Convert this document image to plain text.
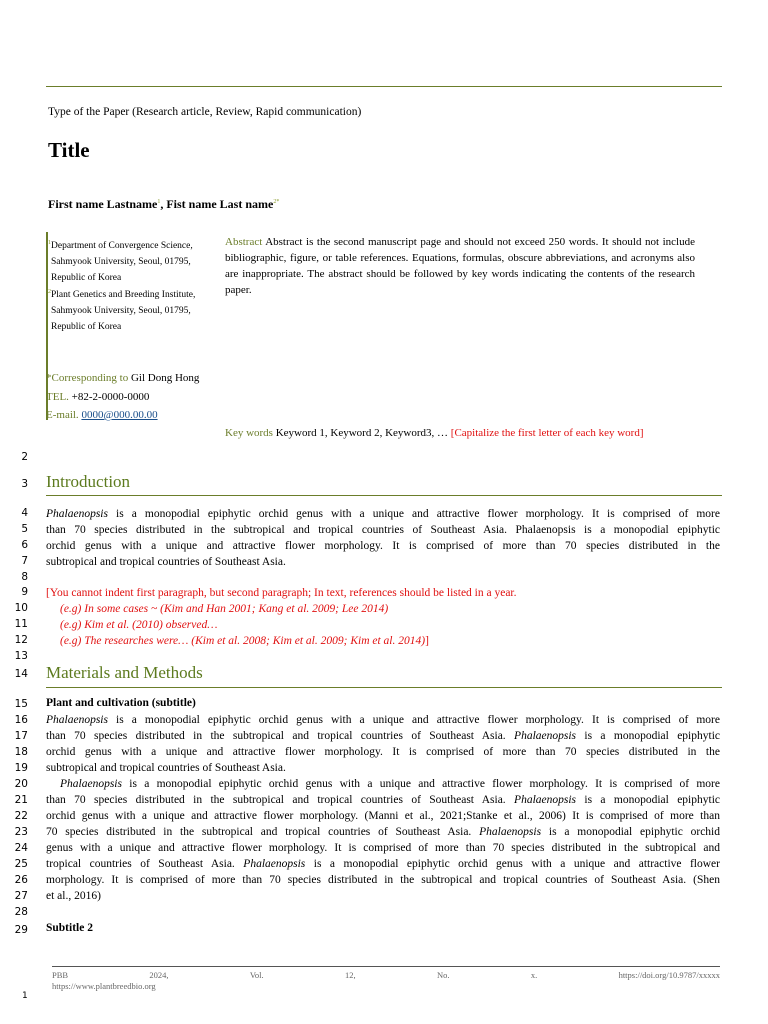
Type of the Paper (Research article, Review, Rapid communication)
Title
First name Lastname$^1$, Fist name Last name$^{2*}$
$^1$Department of Convergence Science,
Sahmyook University, Seoul, 01795,
Republic of Korea
$^2$Plant Genetics and Breeding Institute,
Sahmyook University, Seoul, 01795,
Republic of Korea
*Corresponding to Gil Dong Hong
TEL. +82-2-0000-0000
E-mail. 0000@000.00.00
Abstract Abstract is the second manuscript page and should not exceed 250 words. It should not include bibliographic, figure, or table references. Equations, formulas, obscure abbreviations, and acronyms also are inappropriate. The abstract should be followed by key words indicating the contents of the research paper.
Key words Keyword 1, Keyword 2, Keyword3, … [Capitalize the first letter of each key word]
2
3
4
5
6
7
8
9
10
11
12
13
14
15
16
17
18
19
20
21
22
23
24
25
26
27
28
29
Introduction
Phalaenopsis is a monopodial epiphytic orchid genus with a unique and attractive flower morphology. It is comprised of more
than 70 species distributed in the subtropical and tropical countries of Southeast Asia. Phalaenopsis is a monopodial epiphytic
orchid genus with a unique and attractive flower morphology. It is comprised of more than 70 species distributed in the
subtropical and tropical countries of Southeast Asia.
[You cannot indent first paragraph, but second paragraph; In text, references should be listed in a year.
(e.g) In some cases ~ (Kim and Han 2001; Kang et al. 2009; Lee 2014)
(e.g) Kim et al. (2010) observed…
(e.g) The researches were… (Kim et al. 2008; Kim et al. 2009; Kim et al. 2014)]
Materials and Methods
Plant and cultivation (subtitle)
Phalaenopsis is a monopodial epiphytic orchid genus with a unique and attractive flower morphology. It is comprised of more
than 70 species distributed in the subtropical and tropical countries of Southeast Asia. Phalaenopsis is a monopodial epiphytic
orchid genus with a unique and attractive flower morphology. It is comprised of more than 70 species distributed in the
subtropical and tropical countries of Southeast Asia.
Phalaenopsis is a monopodial epiphytic orchid genus with a unique and attractive flower morphology. It is comprised of more
than 70 species distributed in the subtropical and tropical countries of Southeast Asia. Phalaenopsis is a monopodial epiphytic
orchid genus with a unique and attractive flower morphology. (Manni et al., 2021;Stanke et al., 2006) It is comprised of more than
70 species distributed in the subtropical and tropical countries of Southeast Asia. Phalaenopsis is a monopodial epiphytic orchid
genus with a unique and attractive flower morphology. It is comprised of more than 70 species distributed in the subtropical and
tropical countries of Southeast Asia. Phalaenopsis is a monopodial epiphytic orchid genus with a unique and attractive flower
morphology. It is comprised of more than 70 species distributed in the subtropical and tropical countries of Southeast Asia. (Shen
et al., 2016)
Subtitle 2
PBB	2024,	Vol.	12,	No.	x.	https://doi.org/10.9787/xxxxx
https://www.plantbreedbio.org
1
